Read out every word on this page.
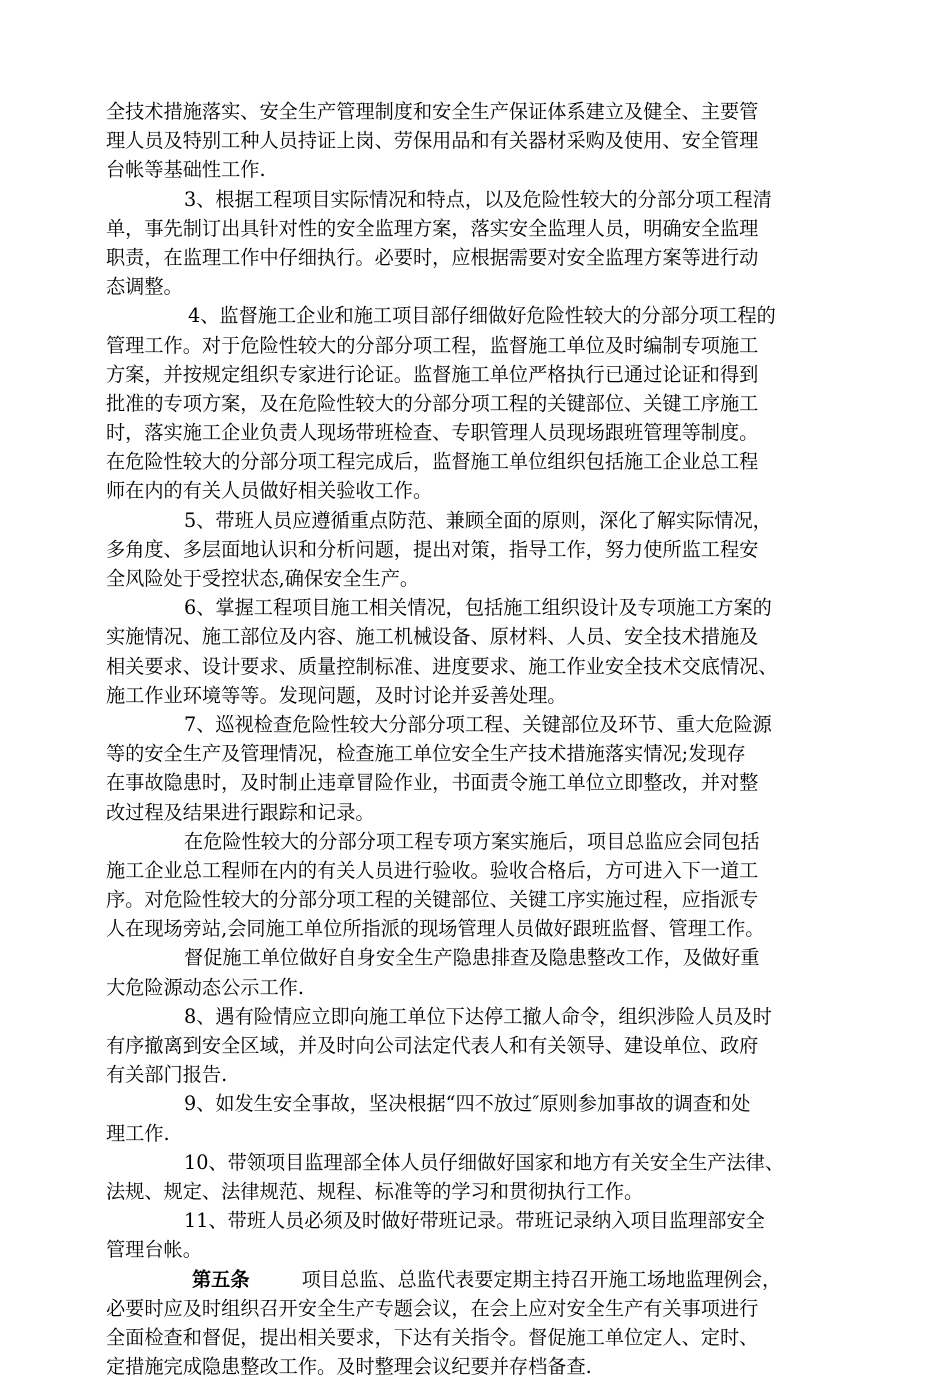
全技术措施落实、安全生产管理制度和安全生产保证体系建立及健全、主要管
理人员及特别工种人员持证上岗、劳保用品和有关器材采购及使用、安全管理
台帐等基础性工作.
3、根据工程项目实际情况和特点，以及危险性较大的分部分项工程清
单，事先制订出具针对性的安全监理方案，落实安全监理人员，明确安全监理
职责，在监理工作中仔细执行。必要时，应根据需要对安全监理方案等进行动
态调整。
4、监督施工企业和施工项目部仔细做好危险性较大的分部分项工程的
管理工作。对于危险性较大的分部分项工程，监督施工单位及时编制专项施工
方案，并按规定组织专家进行论证。监督施工单位严格执行已通过论证和得到
批准的专项方案，及在危险性较大的分部分项工程的关键部位、关键工序施工
时，落实施工企业负责人现场带班检查、专职管理人员现场跟班管理等制度。
在危险性较大的分部分项工程完成后，监督施工单位组织包括施工企业总工程
师在内的有关人员做好相关验收工作。
5、带班人员应遵循重点防范、兼顾全面的原则，深化了解实际情况，
多角度、多层面地认识和分析问题，提出对策，指导工作，努力使所监工程安
全风险处于受控状态,确保安全生产。
6、掌握工程项目施工相关情况，包括施工组织设计及专项施工方案的
实施情况、施工部位及内容、施工机械设备、原材料、人员、安全技术措施及
相关要求、设计要求、质量控制标准、进度要求、施工作业安全技术交底情况、
施工作业环境等等。发现问题，及时讨论并妥善处理。
7、巡视检查危险性较大分部分项工程、关键部位及环节、重大危险源
等的安全生产及管理情况，检查施工单位安全生产技术措施落实情况;发现存
在事故隐患时，及时制止违章冒险作业，书面责令施工单位立即整改，并对整
改过程及结果进行跟踪和记录。
在危险性较大的分部分项工程专项方案实施后，项目总监应会同包括
施工企业总工程师在内的有关人员进行验收。验收合格后，方可进入下一道工
序。对危险性较大的分部分项工程的关键部位、关键工序实施过程，应指派专
人在现场旁站,会同施工单位所指派的现场管理人员做好跟班监督、管理工作。
督促施工单位做好自身安全生产隐患排查及隐患整改工作，及做好重
大危险源动态公示工作.
8、遇有险情应立即向施工单位下达停工撤人命令，组织涉险人员及时
有序撤离到安全区域，并及时向公司法定代表人和有关领导、建设单位、政府
有关部门报告.
9、如发生安全事故，坚决根据“四不放过″原则参加事故的调查和处
理工作.
10、带领项目监理部全体人员仔细做好国家和地方有关安全生产法律、
法规、规定、法律规范、规程、标准等的学习和贯彻执行工作。
11、带班人员必须及时做好带班记录。带班记录纳入项目监理部安全
管理台帐。
第五条	项目总监、总监代表要定期主持召开施工场地监理例会，
必要时应及时组织召开安全生产专题会议，在会上应对安全生产有关事项进行
全面检查和督促，提出相关要求，下达有关指令。督促施工单位定人、定时、
定措施完成隐患整改工作。及时整理会议纪要并存档备查.
